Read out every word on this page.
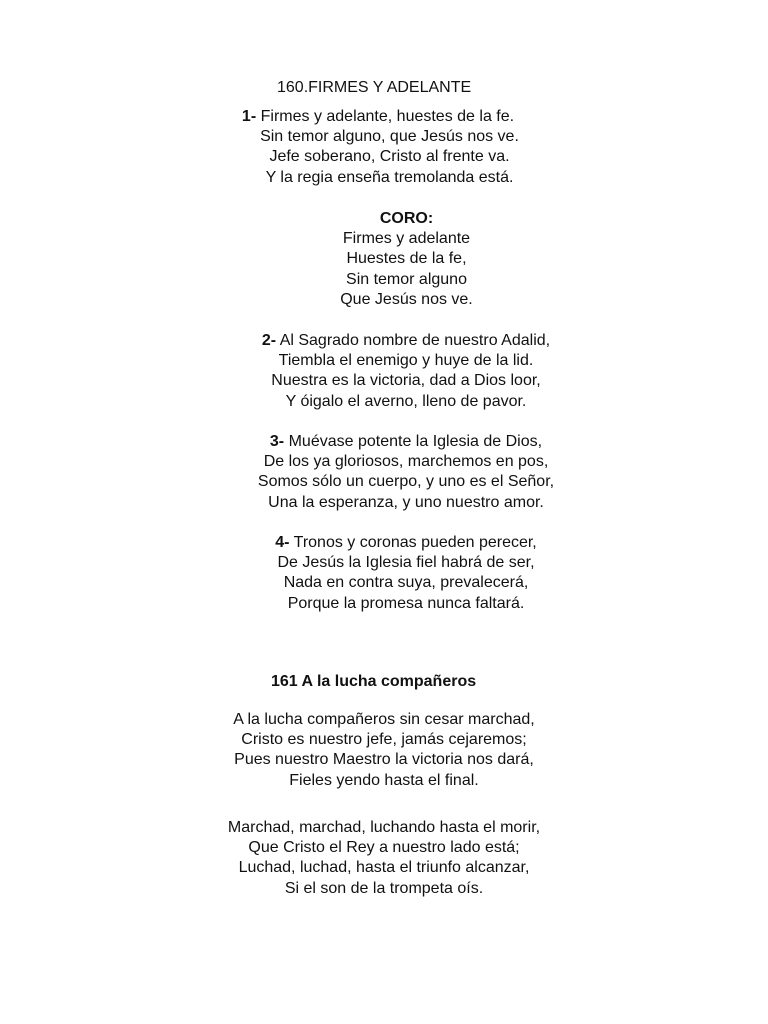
160.FIRMES Y ADELANTE
1- Firmes y adelante, huestes de la fe.
Sin temor alguno, que Jesús nos ve.
Jefe soberano, Cristo al frente va.
Y la regia enseña tremolanda está.
CORO:
Firmes y adelante
Huestes de la fe,
Sin temor alguno
Que Jesús nos ve.
2- Al Sagrado nombre de nuestro Adalid,
Tiembla el enemigo y huye de la lid.
Nuestra es la victoria, dad a Dios loor,
Y óigalo el averno, lleno de pavor.
3- Muévase potente la Iglesia de Dios,
De los ya gloriosos, marchemos en pos,
Somos sólo un cuerpo, y uno es el Señor,
Una la esperanza, y uno nuestro amor.
4- Tronos y coronas pueden perecer,
De Jesús la Iglesia fiel habrá de ser,
Nada en contra suya, prevalecerá,
Porque la promesa nunca faltará.
161 A la lucha compañeros
A la lucha compañeros sin cesar marchad,
Cristo es nuestro jefe, jamás cejaremos;
Pues nuestro Maestro la victoria nos dará,
Fieles yendo hasta el final.
Marchad, marchad, luchando hasta el morir,
Que Cristo el Rey a nuestro lado está;
Luchad, luchad, hasta el triunfo alcanzar,
Si el son de la trompeta oís.
